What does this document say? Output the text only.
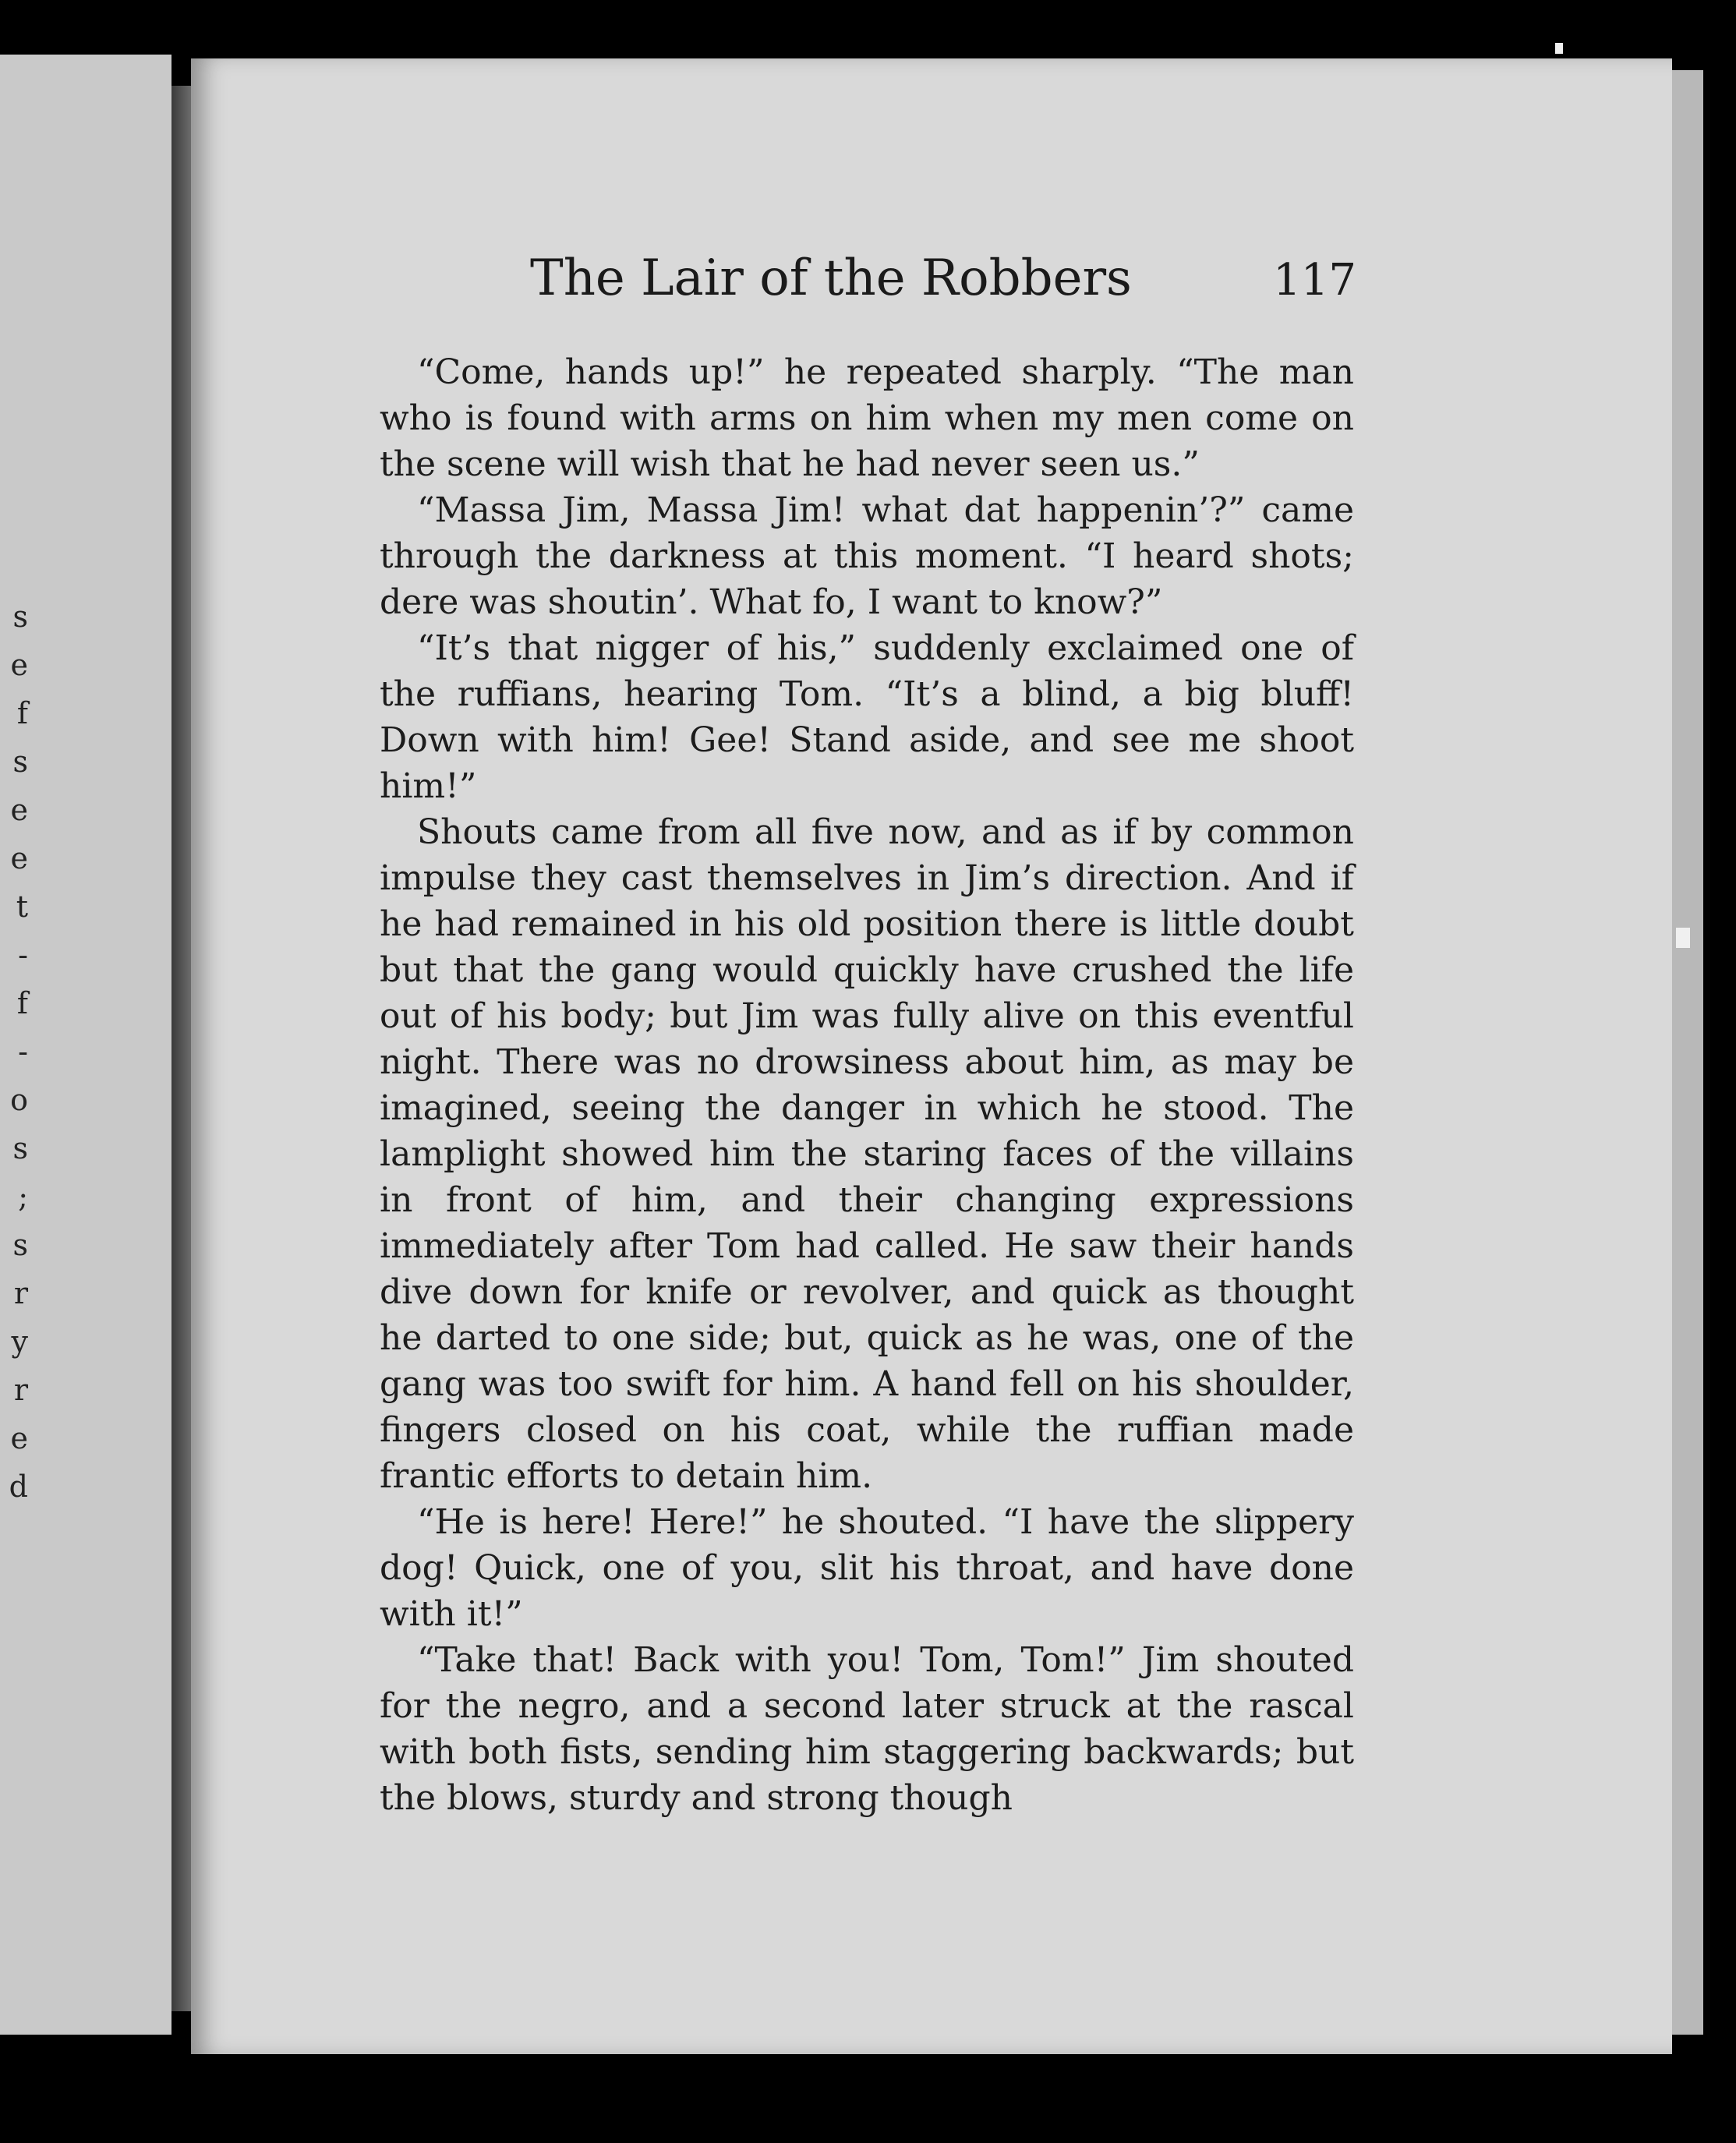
s
e
f
s
e
e
t
-
f
-
o
s
;
s
r
y
r
e
d
The Lair of the Robbers	117

“Come, hands up!” he repeated sharply. “The man who is found with arms on him when my men come on the scene will wish that he had never seen us.”

“Massa Jim, Massa Jim! what dat happenin’?” came through the darkness at this moment. “I heard shots; dere was shoutin’. What fo, I want to know?”

“It’s that nigger of his,” suddenly exclaimed one of the ruffians, hearing Tom. “It’s a blind, a big bluff! Down with him! Gee! Stand aside, and see me shoot him!”

Shouts came from all five now, and as if by common impulse they cast themselves in Jim’s direction. And if he had remained in his old position there is little doubt but that the gang would quickly have crushed the life out of his body; but Jim was fully alive on this eventful night. There was no drowsiness about him, as may be imagined, seeing the danger in which he stood. The lamplight showed him the staring faces of the villains in front of him, and their changing expressions immediately after Tom had called. He saw their hands dive down for knife or revolver, and quick as thought he darted to one side; but, quick as he was, one of the gang was too swift for him. A hand fell on his shoulder, fingers closed on his coat, while the ruffian made frantic efforts to detain him.

“He is here! Here!” he shouted. “I have the slippery dog! Quick, one of you, slit his throat, and have done with it!”

“Take that! Back with you! Tom, Tom!” Jim shouted for the negro, and a second later struck at the rascal with both fists, sending him staggering backwards; but the blows, sturdy and strong though
